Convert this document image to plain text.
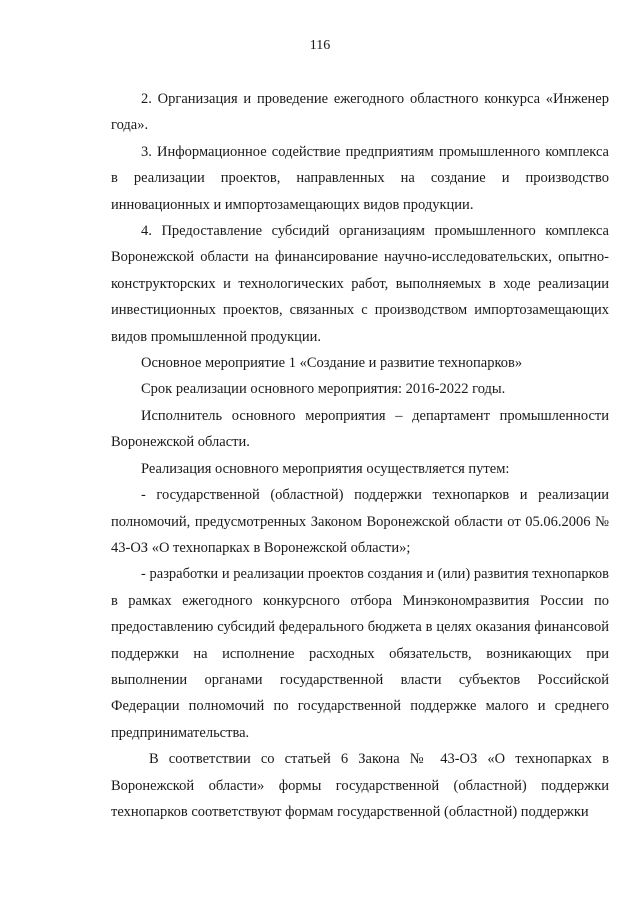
116

2. Организация и проведение ежегодного областного конкурса «Инженер года».

3. Информационное содействие предприятиям промышленного комплекса в реализации проектов, направленных на создание и производство инновационных и импортозамещающих видов продукции.

4. Предоставление субсидий организациям промышленного комплекса Воронежской области на финансирование научно-исследовательских, опытно-конструкторских и технологических работ, выполняемых в ходе реализации инвестиционных проектов, связанных с производством импортозамещающих видов промышленной продукции.

Основное мероприятие 1 «Создание и развитие технопарков»

Срок реализации основного мероприятия: 2016-2022 годы.

Исполнитель основного мероприятия – департамент промышленности Воронежской области.

Реализация основного мероприятия осуществляется путем:

- государственной (областной) поддержки технопарков и реализации полномочий, предусмотренных Законом Воронежской области от 05.06.2006 № 43-ОЗ «О технопарках в Воронежской области»;

- разработки и реализации проектов создания и (или) развития технопарков в рамках ежегодного конкурсного отбора Минэкономразвития России по предоставлению субсидий федерального бюджета в целях оказания финансовой поддержки на исполнение расходных обязательств, возникающих при выполнении органами государственной власти субъектов Российской Федерации полномочий по государственной поддержке малого и среднего предпринимательства.

В соответствии со статьей 6 Закона № 43-ОЗ «О технопарках в Воронежской области» формы государственной (областной) поддержки технопарков соответствуют формам государственной (областной) поддержки
